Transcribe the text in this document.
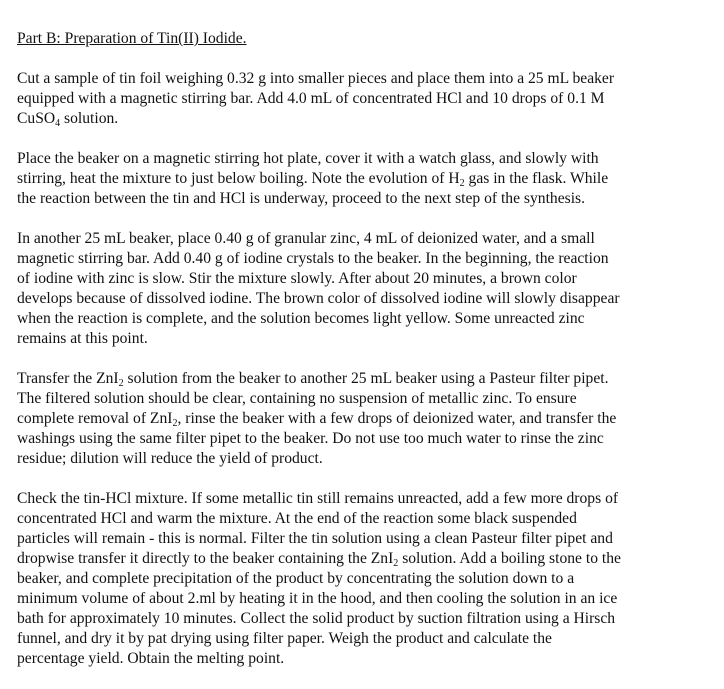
Part B: Preparation of Tin(II) Iodide.
Cut a sample of tin foil weighing 0.32 g into smaller pieces and place them into a 25 mL beaker
equipped with a magnetic stirring bar. Add 4.0 mL of concentrated HCl and 10 drops of 0.1 M
CuSO$_4$ solution.
Place the beaker on a magnetic stirring hot plate, cover it with a watch glass, and slowly with
stirring, heat the mixture to just below boiling. Note the evolution of $H_2$ gas in the flask. While
the reaction between the tin and HCl is underway, proceed to the next step of the synthesis.
In another 25 mL beaker, place 0.40 g of granular zinc, 4 mL of deionized water, and a small
magnetic stirring bar. Add 0.40 g of iodine crystals to the beaker. In the beginning, the reaction
of iodine with zinc is slow. Stir the mixture slowly. After about 20 minutes, a brown color
develops because of dissolved iodine. The brown color of dissolved iodine will slowly disappear
when the reaction is complete, and the solution becomes light yellow. Some unreacted zinc
remains at this point.
Transfer the ZnI$_2$ solution from the beaker to another 25 mL beaker using a Pasteur filter pipet.
The filtered solution should be clear, containing no suspension of metallic zinc. To ensure
complete removal of ZnI$_2$, rinse the beaker with a few drops of deionized water, and transfer the
washings using the same filter pipet to the beaker. Do not use too much water to rinse the zinc
residue; dilution will reduce the yield of product.
Check the tin-HCl mixture. If some metallic tin still remains unreacted, add a few more drops of
concentrated HCl and warm the mixture. At the end of the reaction some black suspended
particles will remain - this is normal. Filter the tin solution using a clean Pasteur filter pipet and
dropwise transfer it directly to the beaker containing the ZnI$_2$ solution. Add a boiling stone to the
beaker, and complete precipitation of the product by concentrating the solution down to a
minimum volume of about 2.ml by heating it in the hood, and then cooling the solution in an ice
bath for approximately 10 minutes. Collect the solid product by suction filtration using a Hirsch
funnel, and dry it by pat drying using filter paper. Weigh the product and calculate the
percentage yield. Obtain the melting point.
